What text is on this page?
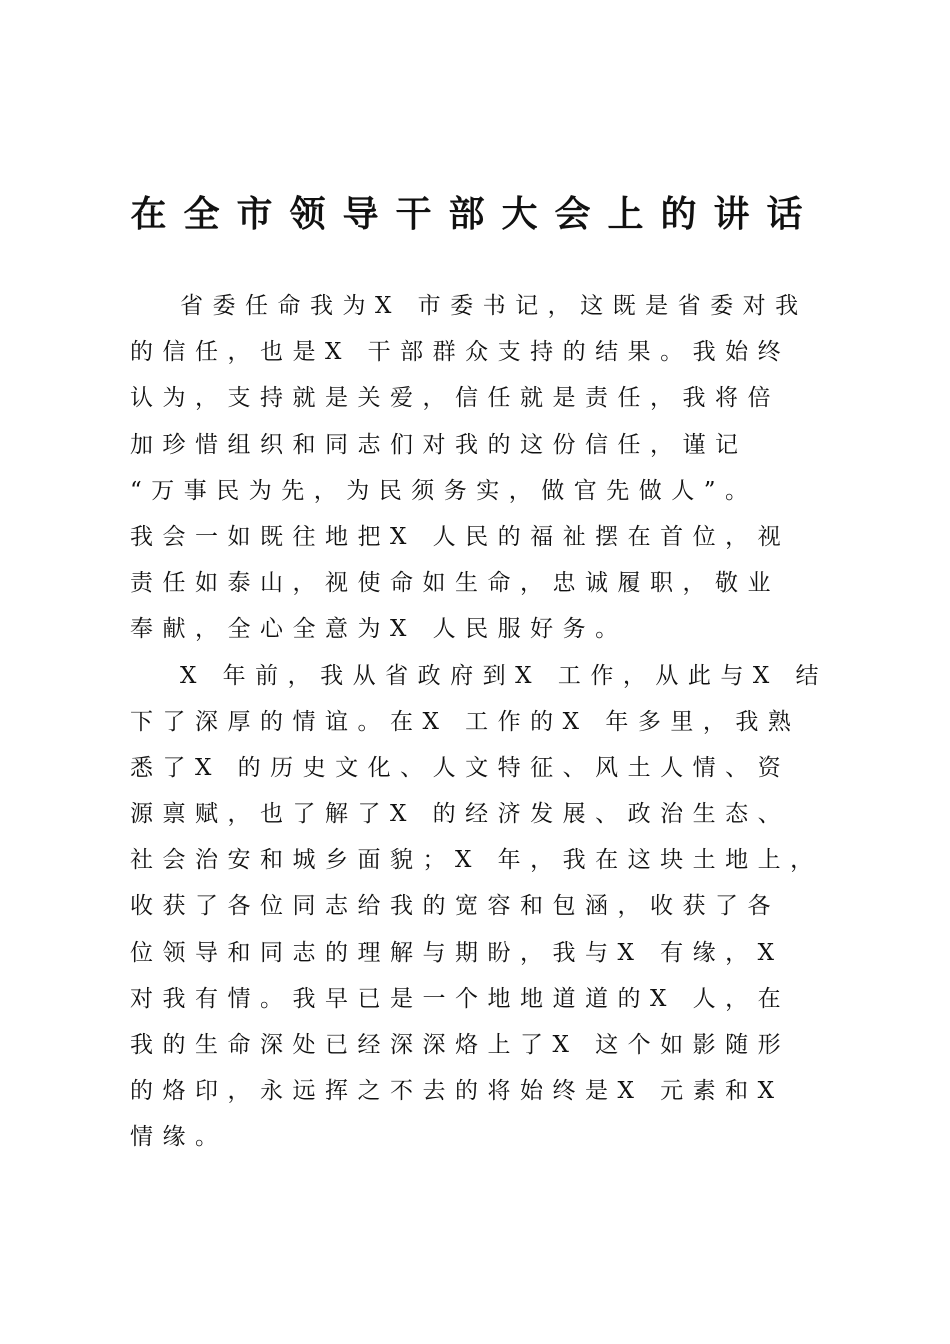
在全市领导干部大会上的讲话
省委任命我为X 市委书记，这既是省委对我
的信任，也是X 干部群众支持的结果。我始终
认为，支持就是关爱，信任就是责任，我将倍
加珍惜组织和同志们对我的这份信任，谨记
“万事民为先，为民须务实，做官先做人”。
我会一如既往地把X 人民的福祉摆在首位，视
责任如泰山，视使命如生命，忠诚履职，敬业
奉献，全心全意为X 人民服好务。
X 年前，我从省政府到X 工作，从此与X 结
下了深厚的情谊。在X 工作的X 年多里，我熟
悉了X 的历史文化、人文特征、风土人情、资
源禀赋，也了解了X 的经济发展、政治生态、
社会治安和城乡面貌；X 年，我在这块土地上，
收获了各位同志给我的宽容和包涵，收获了各
位领导和同志的理解与期盼，我与X 有缘，X
对我有情。我早已是一个地地道道的X 人，在
我的生命深处已经深深烙上了X 这个如影随形
的烙印，永远挥之不去的将始终是X 元素和X
情缘。
